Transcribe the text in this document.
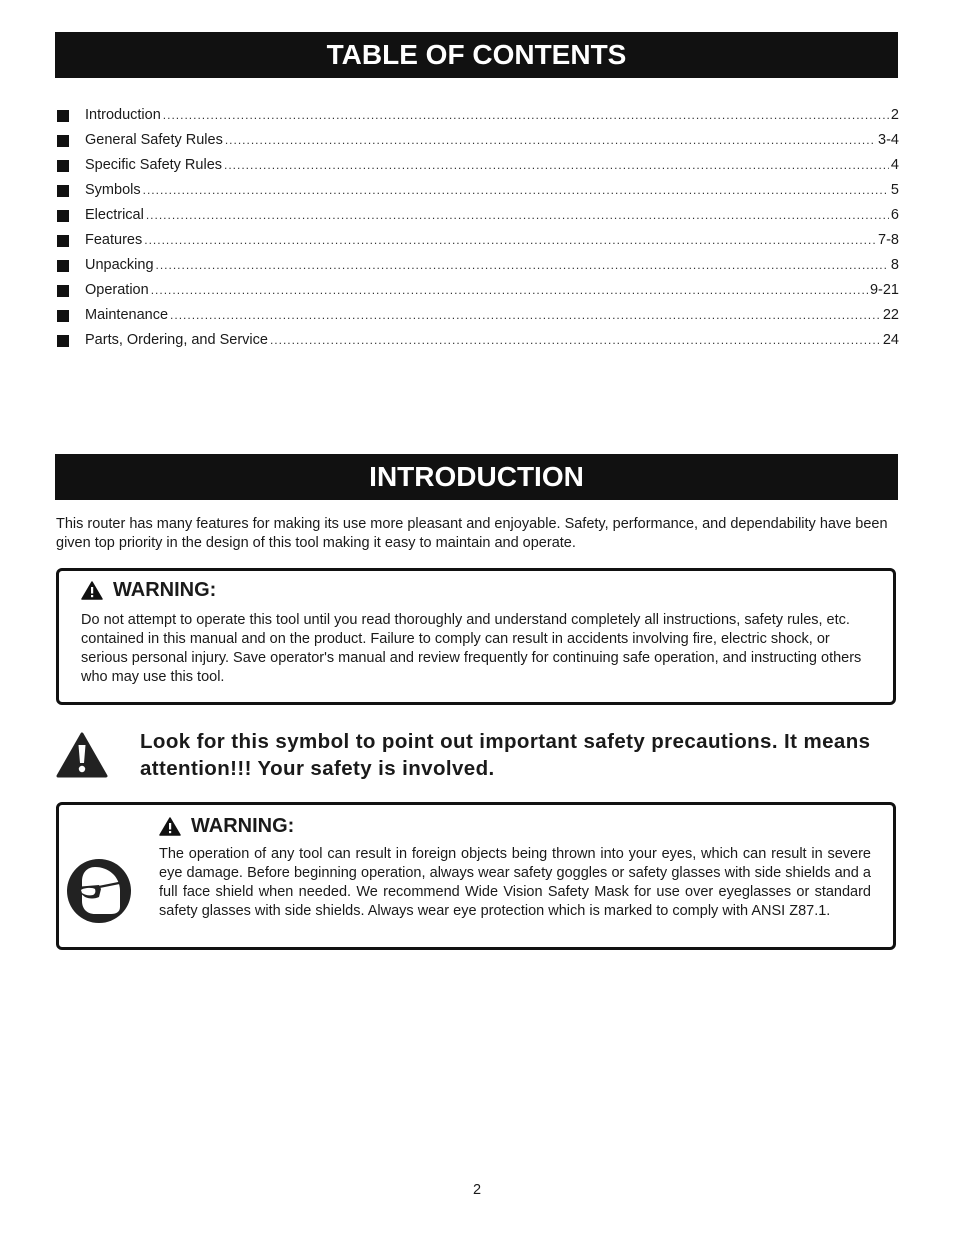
TABLE OF CONTENTS
Introduction .....	2
General Safety Rules .....	3-4
Specific Safety Rules .....	4
Symbols .....	5
Electrical .....	6
Features .....	7-8
Unpacking .....	8
Operation .....	9-21
Maintenance .....	22
Parts, Ordering, and Service .....	24
INTRODUCTION
This router has many features for making its use more pleasant and enjoyable. Safety, performance, and dependability have been given top priority in the design of this tool making it easy to maintain and operate.
WARNING:
Do not attempt to operate this tool until you read thoroughly and understand completely all instructions, safety rules, etc. contained in this manual and on the product. Failure to comply can result in accidents involving fire, electric shock, or serious personal injury. Save operator's manual and review frequently for continuing safe operation, and instructing others who may use this tool.
Look for this symbol to point out important safety precautions. It means attention!!! Your safety is involved.
WARNING:
The operation of any tool can result in foreign objects being thrown into your eyes, which can result in severe eye damage. Before beginning operation, always wear safety goggles or safety glasses with side shields and a full face shield when needed. We recommend Wide Vision Safety Mask for use over eyeglasses or standard safety glasses with side shields. Always wear eye protection which is marked to comply with ANSI Z87.1.
2
